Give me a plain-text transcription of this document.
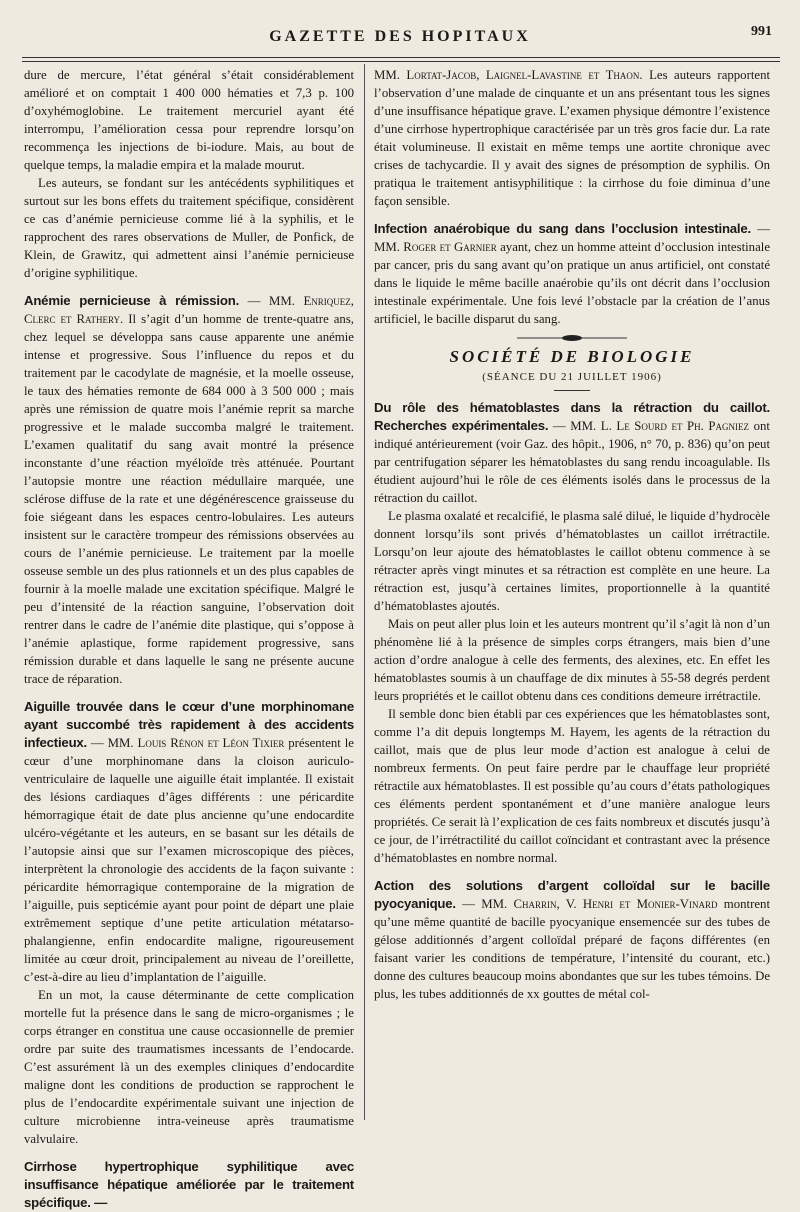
GAZETTE DES HOPITAUX	991

dure de mercure, l’état général s’était considérablement amélioré et on comptait 1 400 000 hématies et 7,3 p. 100 d’oxyhémoglobine. Le traitement mercuriel ayant été interrompu, l’amélioration cessa pour reprendre lorsqu’on recommença les injections de bi-iodure. Mais, au bout de quelque temps, la maladie empira et la malade mourut.

Les auteurs, se fondant sur les antécédents syphilitiques et surtout sur les bons effets du traitement spécifique, considèrent ce cas d’anémie pernicieuse comme lié à la syphilis, et le rapprochent des rares observations de Muller, de Ponfick, de Klein, de Grawitz, qui admettent ainsi l’anémie pernicieuse d’origine syphilitique.

Anémie pernicieuse à rémission. — MM. Enriquez, Clerc et Rathery. Il s’agit d’un homme de trente-quatre ans, chez lequel se développa sans cause apparente une anémie intense et progressive. Sous l’influence du repos et du traitement par le cacodylate de magnésie, et la moelle osseuse, le taux des hématies remonte de 684 000 à 3 500 000 ; mais après une rémission de quatre mois l’anémie reprit sa marche progressive et le malade succomba malgré le traitement. L’examen qualitatif du sang avait montré la présence inconstante d’une réaction myéloïde très atténuée. Pourtant l’autopsie montre une réaction médullaire marquée, une sclérose diffuse de la rate et une dégénérescence graisseuse du foie siégeant dans les espaces centro-lobulaires. Les auteurs insistent sur le caractère trompeur des rémissions observées au cours de l’anémie pernicieuse. Le traitement par la moelle osseuse semble un des plus rationnels et un des plus capables de fournir à la moelle malade une excitation spécifique. Malgré le peu d’intensité de la réaction sanguine, l’observation doit rentrer dans le cadre de l’anémie dite plastique, qui s’oppose à l’anémie aplastique, forme rapidement progressive, sans rémission durable et dans laquelle le sang ne présente aucune trace de réparation.

Aiguille trouvée dans le cœur d’une morphinomane ayant succombé très rapidement à des accidents infectieux. — MM. Louis Rénon et Léon Tixier présentent le cœur d’une morphinomane dans la cloison auriculo-ventriculaire de laquelle une aiguille était implantée. Il existait des lésions cardiaques d’âges différents : une péricardite hémorragique était de date plus ancienne qu’une endocardite ulcéro-végétante et les auteurs, en se basant sur les détails de l’autopsie ainsi que sur l’examen microscopique des pièces, interprètent la chronologie des accidents de la façon suivante : péricardite hémorragique contemporaine de la migration de l’aiguille, puis septicémie ayant pour point de départ une plaie extrêmement septique d’une petite articulation métatarso-phalangienne, enfin endocardite maligne, rigoureusement limitée au cœur droit, principalement au niveau de l’oreillette, c’est-à-dire au lieu d’implantation de l’aiguille.

En un mot, la cause déterminante de cette complication mortelle fut la présence dans le sang de micro-organismes ; le corps étranger en constitua une cause occasionnelle de premier ordre par suite des traumatismes incessants de l’endocarde. C’est assurément là un des exemples cliniques d’endocardite maligne dont les conditions de production se rapprochent le plus de l’endocardite expérimentale suivant une injection de culture microbienne intra-veineuse après traumatisme valvulaire.

Cirrhose hypertrophique syphilitique avec insuffisance hépatique améliorée par le traitement spécifique. —

MM. Lortat-Jacob, Laignel-Lavastine et Thaon. Les auteurs rapportent l’observation d’une malade de cinquante et un ans présentant tous les signes d’une insuffisance hépatique grave. L’examen physique démontre l’existence d’une cirrhose hypertrophique caractérisée par un très gros facie dur. La rate était volumineuse. Il existait en même temps une aortite chronique avec crises de tachycardie. Il y avait des signes de présomption de syphilis. On pratiqua le traitement antisyphilitique : la cirrhose du foie diminua d’une façon sensible.

Infection anaérobique du sang dans l’occlusion intestinale. — MM. Roger et Garnier ayant, chez un homme atteint d’occlusion intestinale par cancer, pris du sang avant qu’on pratique un anus artificiel, ont constaté dans le liquide le même bacille anaérobie qu’ils ont décrit dans l’occlusion intestinale expérimentale. Une fois levé l’obstacle par la création de l’anus artificiel, le bacille disparut du sang.

SOCIÉTÉ DE BIOLOGIE
(SÉANCE DU 21 JUILLET 1906)

Du rôle des hématoblastes dans la rétraction du caillot. Recherches expérimentales. — MM. L. Le Sourd et Ph. Pagniez ont indiqué antérieurement (voir Gaz. des hôpit., 1906, n° 70, p. 836) qu’on peut par centrifugation séparer les hématoblastes du sang rendu incoagulable. Ils étudient aujourd’hui le rôle de ces éléments isolés dans le processus de la rétraction du caillot.

Le plasma oxalaté et recalcifié, le plasma salé dilué, le liquide d’hydrocèle donnent lorsqu’ils sont privés d’hématoblastes un caillot irrétractile. Lorsqu’on leur ajoute des hématoblastes le caillot obtenu commence à se rétracter après vingt minutes et sa rétraction est complète en une heure. La rétraction est, jusqu’à certaines limites, proportionnelle à la quantité d’hématoblastes ajoutés.

Mais on peut aller plus loin et les auteurs montrent qu’il s’agit là non d’un phénomène lié à la présence de simples corps étrangers, mais bien d’une action d’ordre analogue à celle des ferments, des alexines, etc. En effet les hématoblastes soumis à un chauffage de dix minutes à 55-58 degrés perdent leurs propriétés et le caillot obtenu dans ces conditions demeure irrétractile.

Il semble donc bien établi par ces expériences que les hématoblastes sont, comme l’a dit depuis longtemps M. Hayem, les agents de la rétraction du caillot, mais que de plus leur mode d’action est analogue à celui de nombreux ferments. On peut faire perdre par le chauffage leur propriété rétractile aux hématoblastes. Il est possible qu’au cours d’états pathologiques ces éléments perdent spontanément et d’une manière analogue leurs propriétés. Ce serait là l’explication de ces faits nombreux et discutés jusqu’à ce jour, de l’irrétractilité du caillot coïncidant et contrastant avec la présence d’hématoblastes en nombre normal.

Action des solutions d’argent colloïdal sur le bacille pyocyanique. — MM. Charrin, V. Henri et Monier-Vinard montrent qu’une même quantité de bacille pyocyanique ensemencée sur des tubes de gélose additionnés d’argent colloïdal préparé de façons différentes (en faisant varier les conditions de température, l’intensité du courant, etc.) donne des cultures beaucoup moins abondantes que sur les tubes témoins. De plus, les tubes additionnés de xx gouttes de métal col-
